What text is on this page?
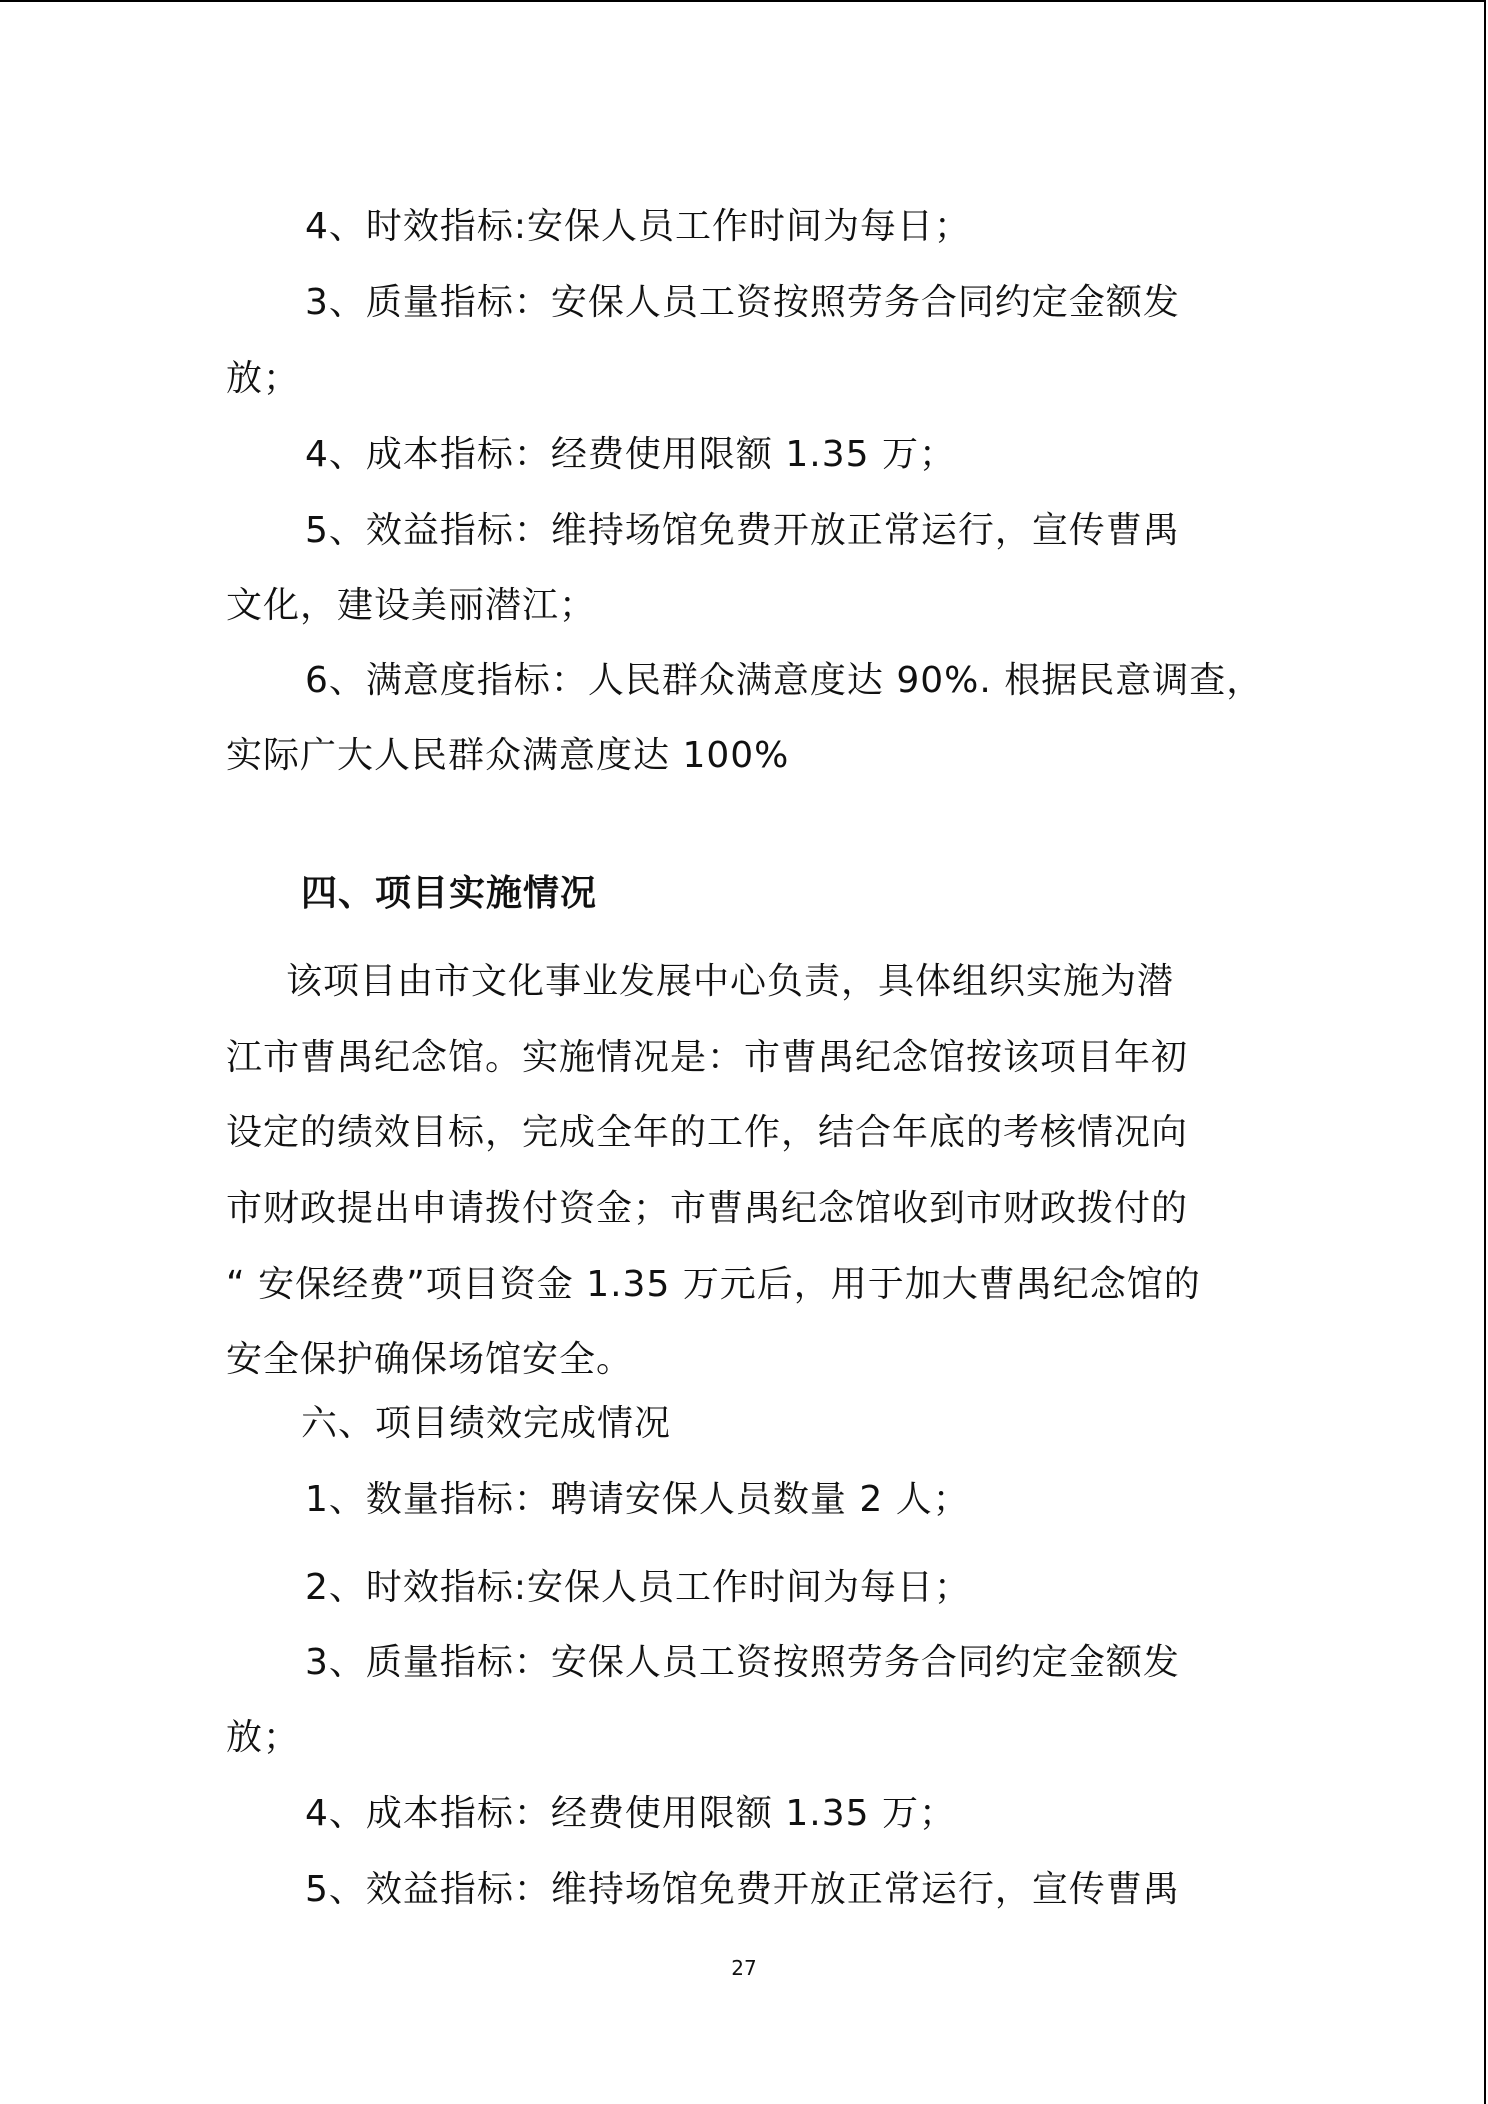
4、时效指标:安保人员工作时间为每日；
3、质量指标：安保人员工资按照劳务合同约定金额发
放；
4、成本指标：经费使用限额 1.35 万；
5、效益指标：维持场馆免费开放正常运行，宣传曹禺
文化，建设美丽潜江；
6、满意度指标：人民群众满意度达 90%. 根据民意调查，
实际广大人民群众满意度达 100%
四、项目实施情况
该项目由市文化事业发展中心负责，具体组织实施为潜
江市曹禺纪念馆。实施情况是：市曹禺纪念馆按该项目年初
设定的绩效目标，完成全年的工作，结合年底的考核情况向
市财政提出申请拨付资金；市曹禺纪念馆收到市财政拨付的
“ 安保经费”项目资金 1.35 万元后，用于加大曹禺纪念馆的
安全保护确保场馆安全。
六、项目绩效完成情况
1、数量指标：聘请安保人员数量 2 人；
2、时效指标:安保人员工作时间为每日；
3、质量指标：安保人员工资按照劳务合同约定金额发
放；
4、成本指标：经费使用限额 1.35 万；
5、效益指标：维持场馆免费开放正常运行，宣传曹禺
27
